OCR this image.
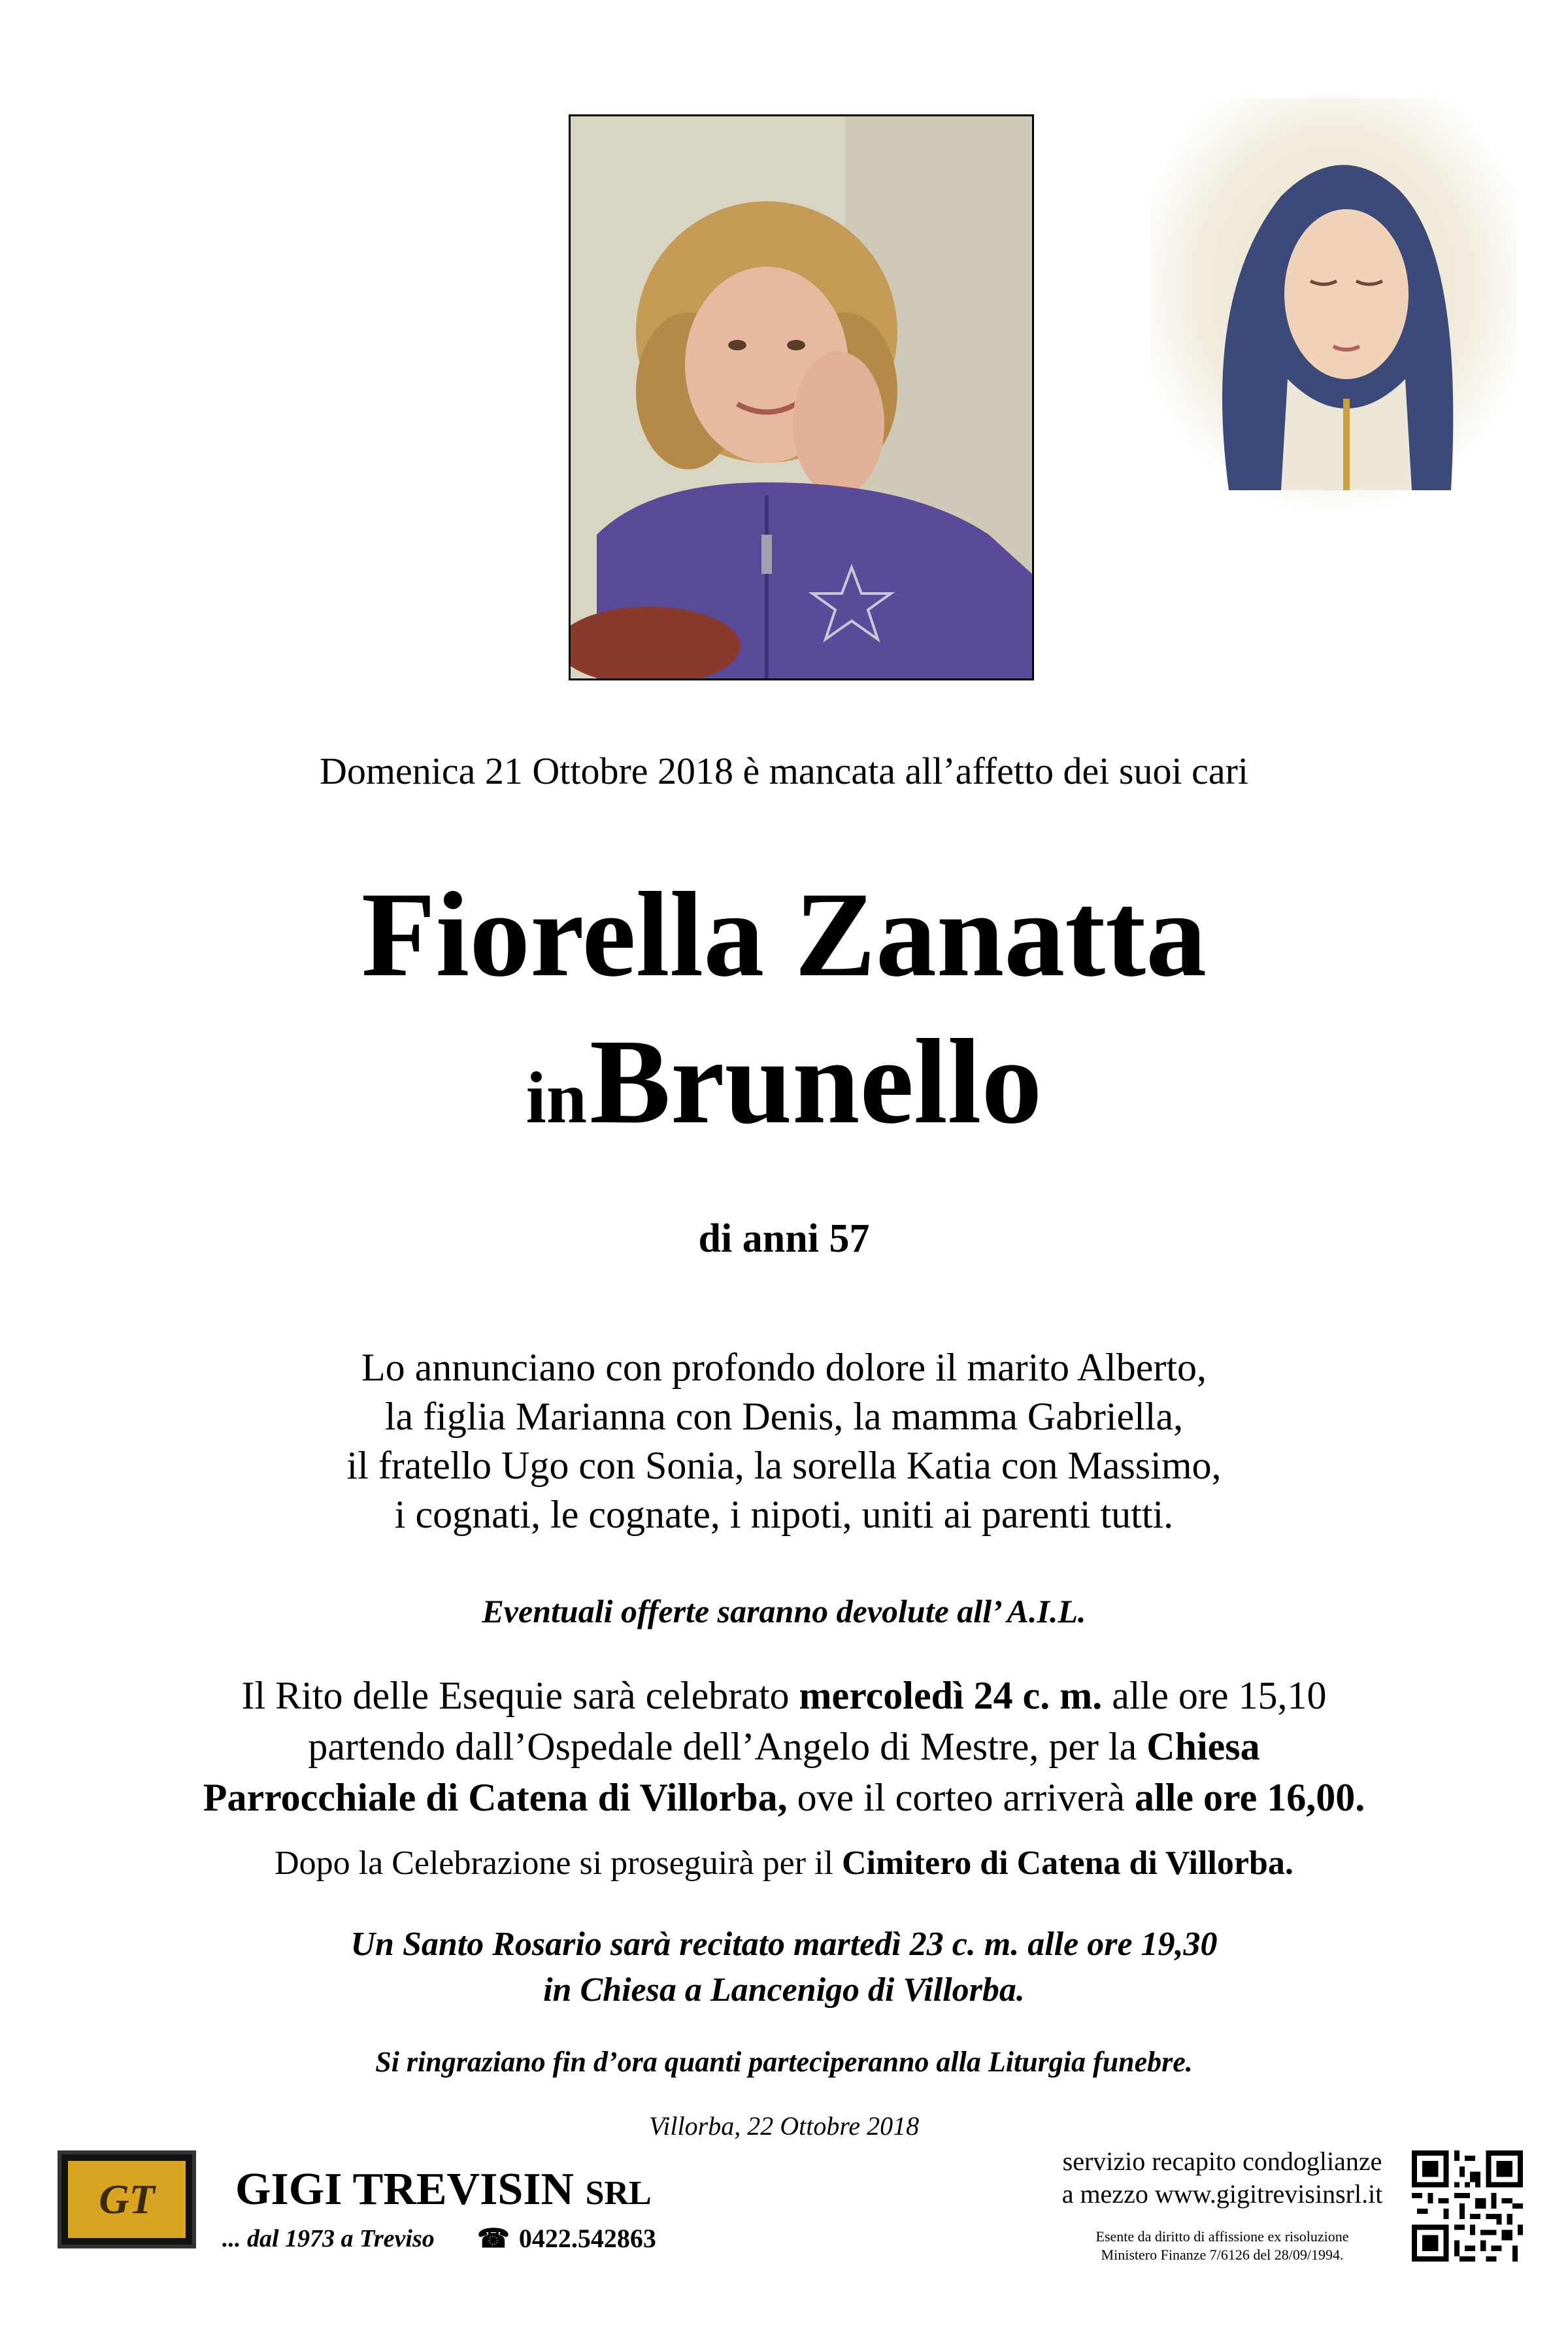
Domenica 21 Ottobre 2018 è mancata all’affetto dei suoi cari
Fiorella Zanatta
in Brunello
di anni 57
Lo annunciano con profondo dolore il marito Alberto,
la figlia Marianna con Denis, la mamma Gabriella,
il fratello Ugo con Sonia, la sorella Katia con Massimo,
i cognati, le cognate, i nipoti, uniti ai parenti tutti.
Eventuali offerte saranno devolute all’ A.I.L.
Il Rito delle Esequie sarà celebrato mercoledì 24 c. m. alle ore 15,10
partendo dall’Ospedale dell’Angelo di Mestre, per la Chiesa
Parrocchiale di Catena di Villorba, ove il corteo arriverà alle ore 16,00.
Dopo la Celebrazione si proseguirà per il Cimitero di Catena di Villorba.
Un Santo Rosario sarà recitato martedì 23 c. m. alle ore 19,30
in Chiesa a Lancenigo di Villorba.
Si ringraziano fin d’ora quanti parteciperanno alla Liturgia funebre.
Villorba, 22 Ottobre 2018
GT	GIGI TREVISIN SRL
... dal 1973 a Treviso ☎ 0422.542863
servizio recapito condoglianze
a mezzo www.gigitrevisinsrl.it
Esente da diritto di affissione ex risoluzione
Ministero Finanze 7/6126 del 28/09/1994.
